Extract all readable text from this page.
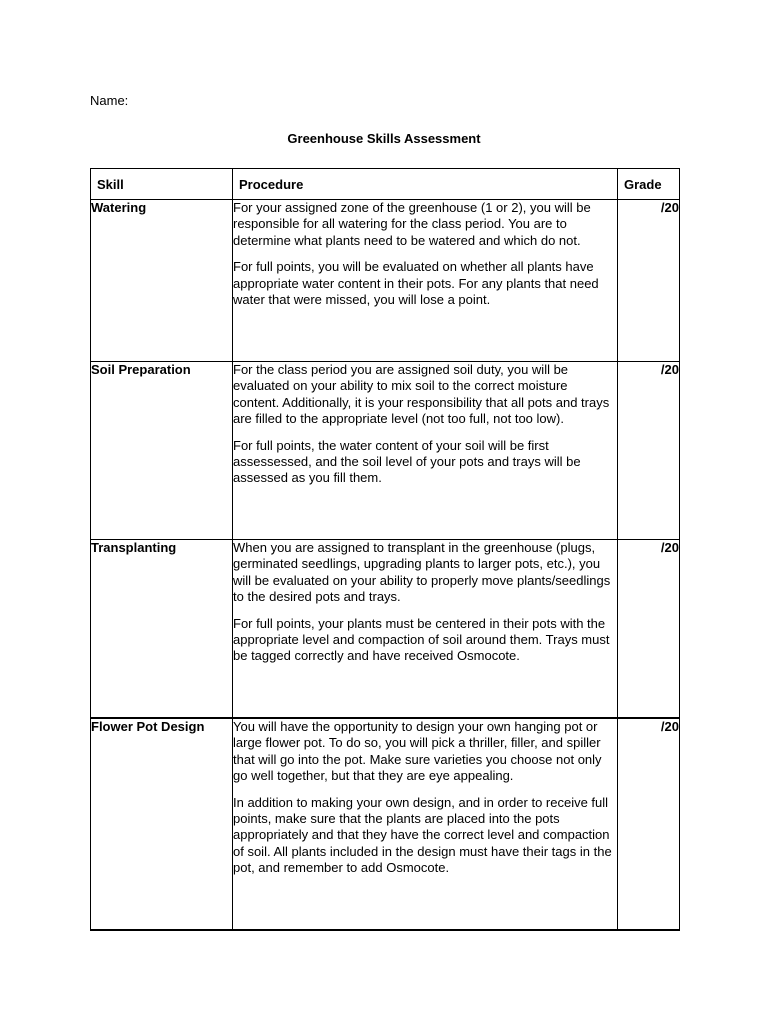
Name:
Greenhouse Skills Assessment
Skill	Procedure	Grade
Watering	For your assigned zone of the greenhouse (1 or 2), you will be responsible for all watering for the class period. You are to determine what plants need to be watered and which do not.

For full points, you will be evaluated on whether all plants have appropriate water content in their pots. For any plants that need water that were missed, you will lose a point.	/20
Soil Preparation	For the class period you are assigned soil duty, you will be evaluated on your ability to mix soil to the correct moisture content. Additionally, it is your responsibility that all pots and trays are filled to the appropriate level (not too full, not too low).

For full points, the water content of your soil will be first assessessed, and the soil level of your pots and trays will be assessed as you fill them.	/20
Transplanting	When you are assigned to transplant in the greenhouse (plugs, germinated seedlings, upgrading plants to larger pots, etc.), you will be evaluated on your ability to properly move plants/seedlings to the desired pots and trays.

For full points, your plants must be centered in their pots with the appropriate level and compaction of soil around them. Trays must be tagged correctly and have received Osmocote.	/20
Flower Pot Design	You will have the opportunity to design your own hanging pot or large flower pot. To do so, you will pick a thriller, filler, and spiller that will go into the pot. Make sure varieties you choose not only go well together, but that they are eye appealing.

In addition to making your own design, and in order to receive full points, make sure that the plants are placed into the pots appropriately and that they have the correct level and compaction of soil. All plants included in the design must have their tags in the pot, and remember to add Osmocote.	/20
